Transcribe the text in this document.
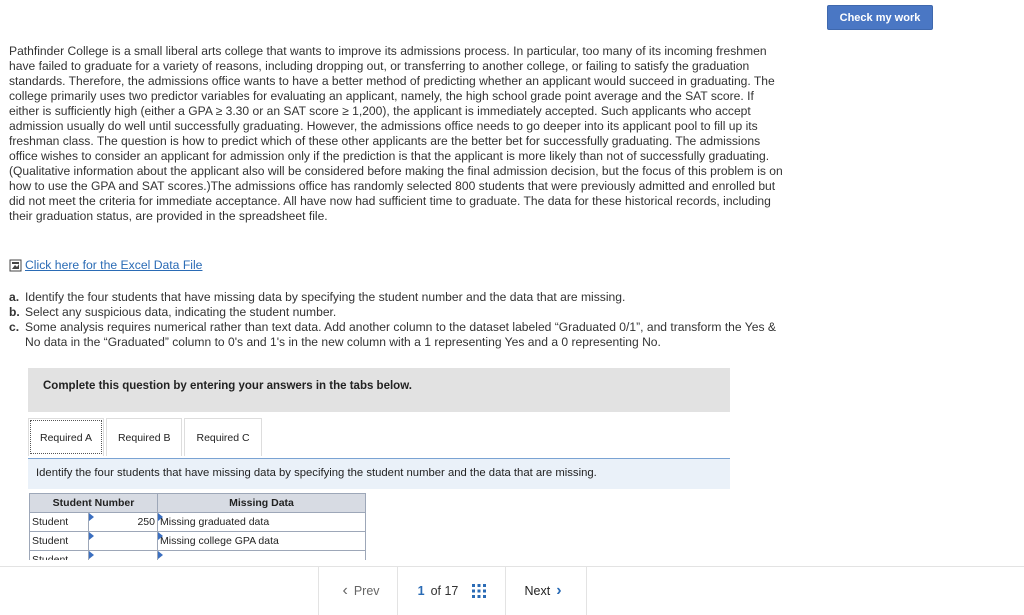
Check my work
Pathfinder College is a small liberal arts college that wants to improve its admissions process. In particular, too many of its incoming freshmen have failed to graduate for a variety of reasons, including dropping out, or transferring to another college, or failing to satisfy the graduation standards. Therefore, the admissions office wants to have a better method of predicting whether an applicant would succeed in graduating. The college primarily uses two predictor variables for evaluating an applicant, namely, the high school grade point average and the SAT score. If either is sufficiently high (either a GPA ≥ 3.30 or an SAT score ≥ 1,200), the applicant is immediately accepted. Such applicants who accept admission usually do well until successfully graduating. However, the admissions office needs to go deeper into its applicant pool to fill up its freshman class. The question is how to predict which of these other applicants are the better bet for successfully graduating. The admissions office wishes to consider an applicant for admission only if the prediction is that the applicant is more likely than not of successfully graduating. (Qualitative information about the applicant also will be considered before making the final admission decision, but the focus of this problem is on how to use the GPA and SAT scores.)The admissions office has randomly selected 800 students that were previously admitted and enrolled but did not meet the criteria for immediate acceptance. All have now had sufficient time to graduate. The data for these historical records, including their graduation status, are provided in the spreadsheet file.
Click here for the Excel Data File
a. Identify the four students that have missing data by specifying the student number and the data that are missing.
b. Select any suspicious data, indicating the student number.
c. Some analysis requires numerical rather than text data. Add another column to the dataset labeled “Graduated 0/1”, and transform the Yes & No data in the “Graduated” column to 0's and 1's in the new column with a 1 representing Yes and a 0 representing No.
Complete this question by entering your answers in the tabs below.
Required A	Required B	Required C
Identify the four students that have missing data by specifying the student number and the data that are missing.
Student Number		Missing Data
Student	250	Missing graduated data
Student		Missing college GPA data

‹ Prev	1 of 17	Next ›
